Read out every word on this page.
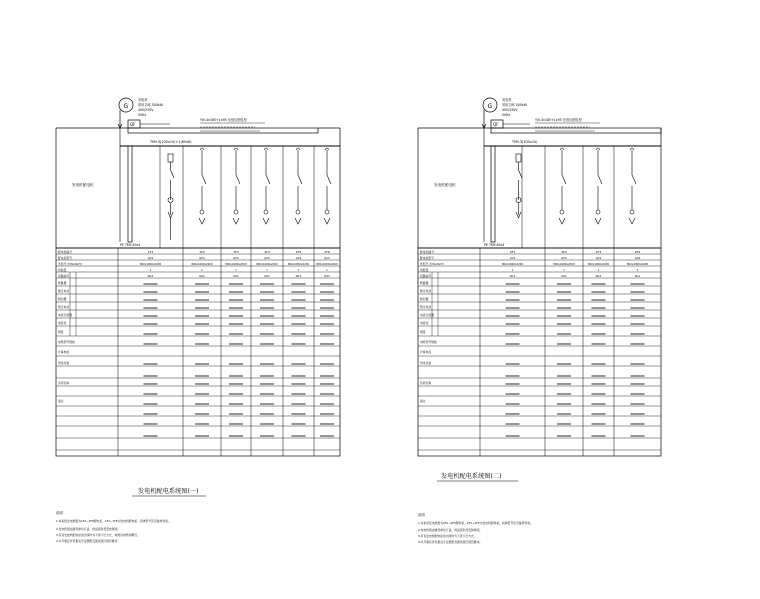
G
发电机
常用功率 500kW
400/230V
50Hz
QF
YJV-4x185+1x95 至低压配电柜
TMY-3(100x10)+1(80x8)
发电机配电柜
PE TMY-40x4
配电柜编号
配电柜型号
外形尺寸(WxDxH)
柜数量
回路编号
断路器
额定电流
脱扣器
整定电流
电流互感器
电度表
测量
电缆型号规格
计算电流
用电设备
负荷名称
备注
1F1
GCS
800x1000x2200
1
WL1
1F2
GCS
800x1000x2200
1
WL1
1F3
GCS
800x1000x2200
1
WL1
1F4
GCS
800x1000x2200
1
WL1
1F5
GCS
800x1000x2200
1
WL1
1F6
GCS
800x1000x2200
1
WL1
发电机配电系统图(一)
说明
1.本系统发电机组为1F1~1F6配电柜，1F1~1F6为发电机配电柜，具体型号见设备材料表。
2.发电机组由建设单位订货，供货商负责安装调试。
3.所有发电机配电柜进出线均为下进下出方式，电缆沿电缆沟敷设。
4.未尽事宜详见相关专业图纸及国家现行规范要求。
G
发电机
常用功率 500kW
400/230V
50Hz
QF
YJV-4x185+1x95 至低压配电柜
TMY-3(100x10)
发电机配电柜
PE TMY-40x4
配电柜编号
配电柜型号
外形尺寸(WxDxH)
柜数量
回路编号
断路器
额定电流
脱扣器
整定电流
电流互感器
电度表
测量
电缆型号规格
计算电流
用电设备
负荷名称
备注
2F1
GCS
800x1000x2200
1
WL1
2F2
GCS
800x1000x2200
1
WL1
2F3
GCS
800x1000x2200
1
WL1
2F4
GCS
800x1000x2200
1
WL1
发电机配电系统图(二)
说明
1.本系统发电机组为2F1~2F5配电柜，2F1~2F5为发电机配电柜，具体型号见设备材料表。
2.发电机组由建设单位订货，供货商负责安装调试。
3.所有发电机配电柜进出线均为下进下出方式。
4.未尽事宜详见相关专业图纸及国家现行规范要求。
